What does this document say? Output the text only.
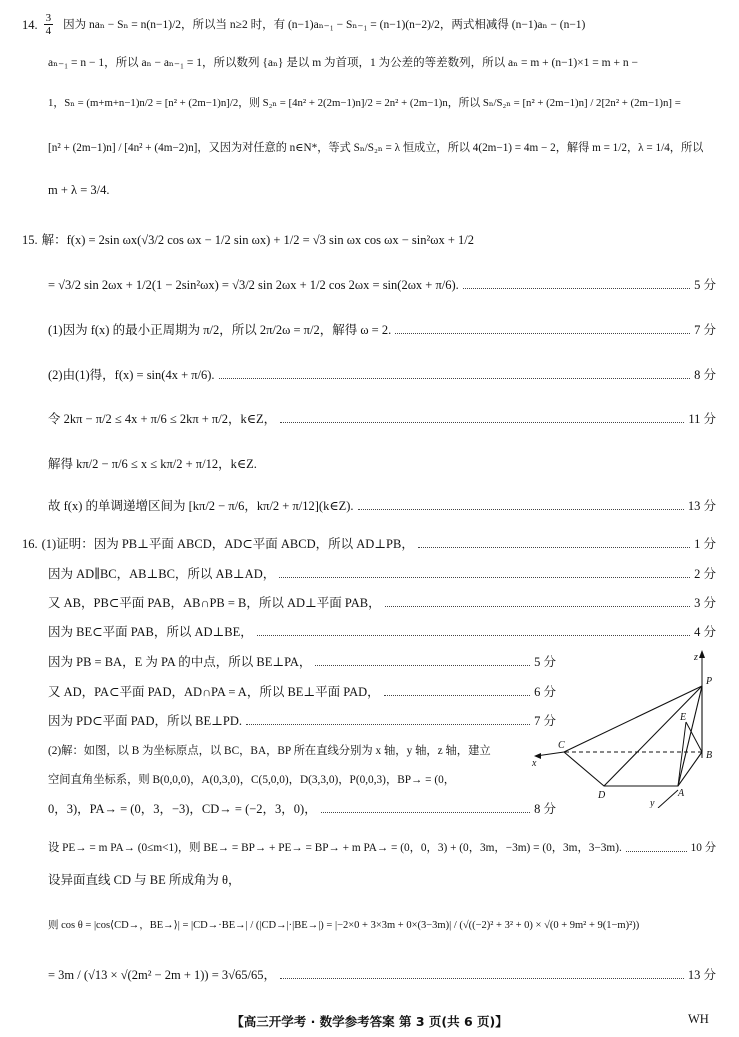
14. $\frac{3}{4}$ 因为 naₙ − Sₙ = n(n−1)/2，所以当 n≥2 时，有 (n−1)aₙ₋₁ − Sₙ₋₁ = (n−1)(n−2)/2，两式相减得 (n−1)aₙ − (n−1)
aₙ₋₁ = n − 1，所以 aₙ − aₙ₋₁ = 1，所以数列 {aₙ} 是以 m 为首项，1 为公差的等差数列，所以 aₙ = m + (n−1)×1 = m + n −
1，Sₙ = (m+m+n−1)n/2 = [n² + (2m−1)n]/2，则 S₂ₙ = [4n² + 2(2m−1)n]/2 = 2n² + (2m−1)n，所以 Sₙ/S₂ₙ = [n² + (2m−1)n] / 2[2n² + (2m−1)n] =
[n² + (2m−1)n] / [4n² + (4m−2)n]，又因为对任意的 n∈N*，等式 Sₙ/S₂ₙ = λ 恒成立，所以 4(2m−1) = 4m − 2，解得 m = 1/2，λ = 1/4，所以
m + λ = 3/4.
15. 解：f(x) = 2sin ωx(√3/2 cos ωx − 1/2 sin ωx) + 1/2 = √3 sin ωx cos ωx − sin²ωx + 1/2
= √3/2 sin 2ωx + 1/2(1 − 2sin²ωx) = √3/2 sin 2ωx + 1/2 cos 2ωx = sin(2ωx + π/6).	5 分
(1)因为 f(x) 的最小正周期为 π/2，所以 2π/2ω = π/2，解得 ω = 2.	7 分
(2)由(1)得，f(x) = sin(4x + π/6).	8 分
令 2kπ − π/2 ≤ 4x + π/6 ≤ 2kπ + π/2，k∈Z，	11 分
解得 kπ/2 − π/6 ≤ x ≤ kπ/2 + π/12，k∈Z.
故 f(x) 的单调递增区间为 [kπ/2 − π/6，kπ/2 + π/12](k∈Z).	13 分
16. (1)证明：因为 PB⊥平面 ABCD，AD⊂平面 ABCD，所以 AD⊥PB，	1 分
因为 AD∥BC，AB⊥BC，所以 AB⊥AD，	2 分
又 AB，PB⊂平面 PAB，AB∩PB = B，所以 AD⊥平面 PAB，	3 分
因为 BE⊂平面 PAB，所以 AD⊥BE，	4 分
因为 PB = BA，E 为 PA 的中点，所以 BE⊥PA，	5 分
又 AD，PA⊂平面 PAD，AD∩PA = A，所以 BE⊥平面 PAD，	6 分
因为 PD⊂平面 PAD，所以 BE⊥PD.	7 分
(2)解：如图，以 B 为坐标原点，以 BC，BA，BP 所在直线分别为 x 轴，y 轴，z 轴，建立
空间直角坐标系，则 B(0,0,0)，A(0,3,0)，C(5,0,0)，D(3,3,0)，P(0,0,3)，BP→ = (0，
0，3)，PA→ = (0，3，−3)，CD→ = (−2，3，0)，	8 分
设 PE→ = m PA→ (0≤m<1)，则 BE→ = BP→ + PE→ = BP→ + m PA→ = (0，0，3) + (0，3m，−3m) = (0，3m，3−3m).	10 分
设异面直线 CD 与 BE 所成角为 θ，
则 cos θ = |cos⟨CD→，BE→⟩| = |CD→·BE→| / (|CD→|·|BE→|) = |−2×0 + 3×3m + 0×(3−3m)| / (√((−2)² + 3² + 0) × √(0 + 9m² + 9(1−m)²))
= 3m / (√13 × √(2m² − 2m + 1)) = 3√65/65，	13 分
z
P
E
C
B
x
D	A
y
【高三开学考 · 数学参考答案 第 3 页(共 6 页)】	WH
